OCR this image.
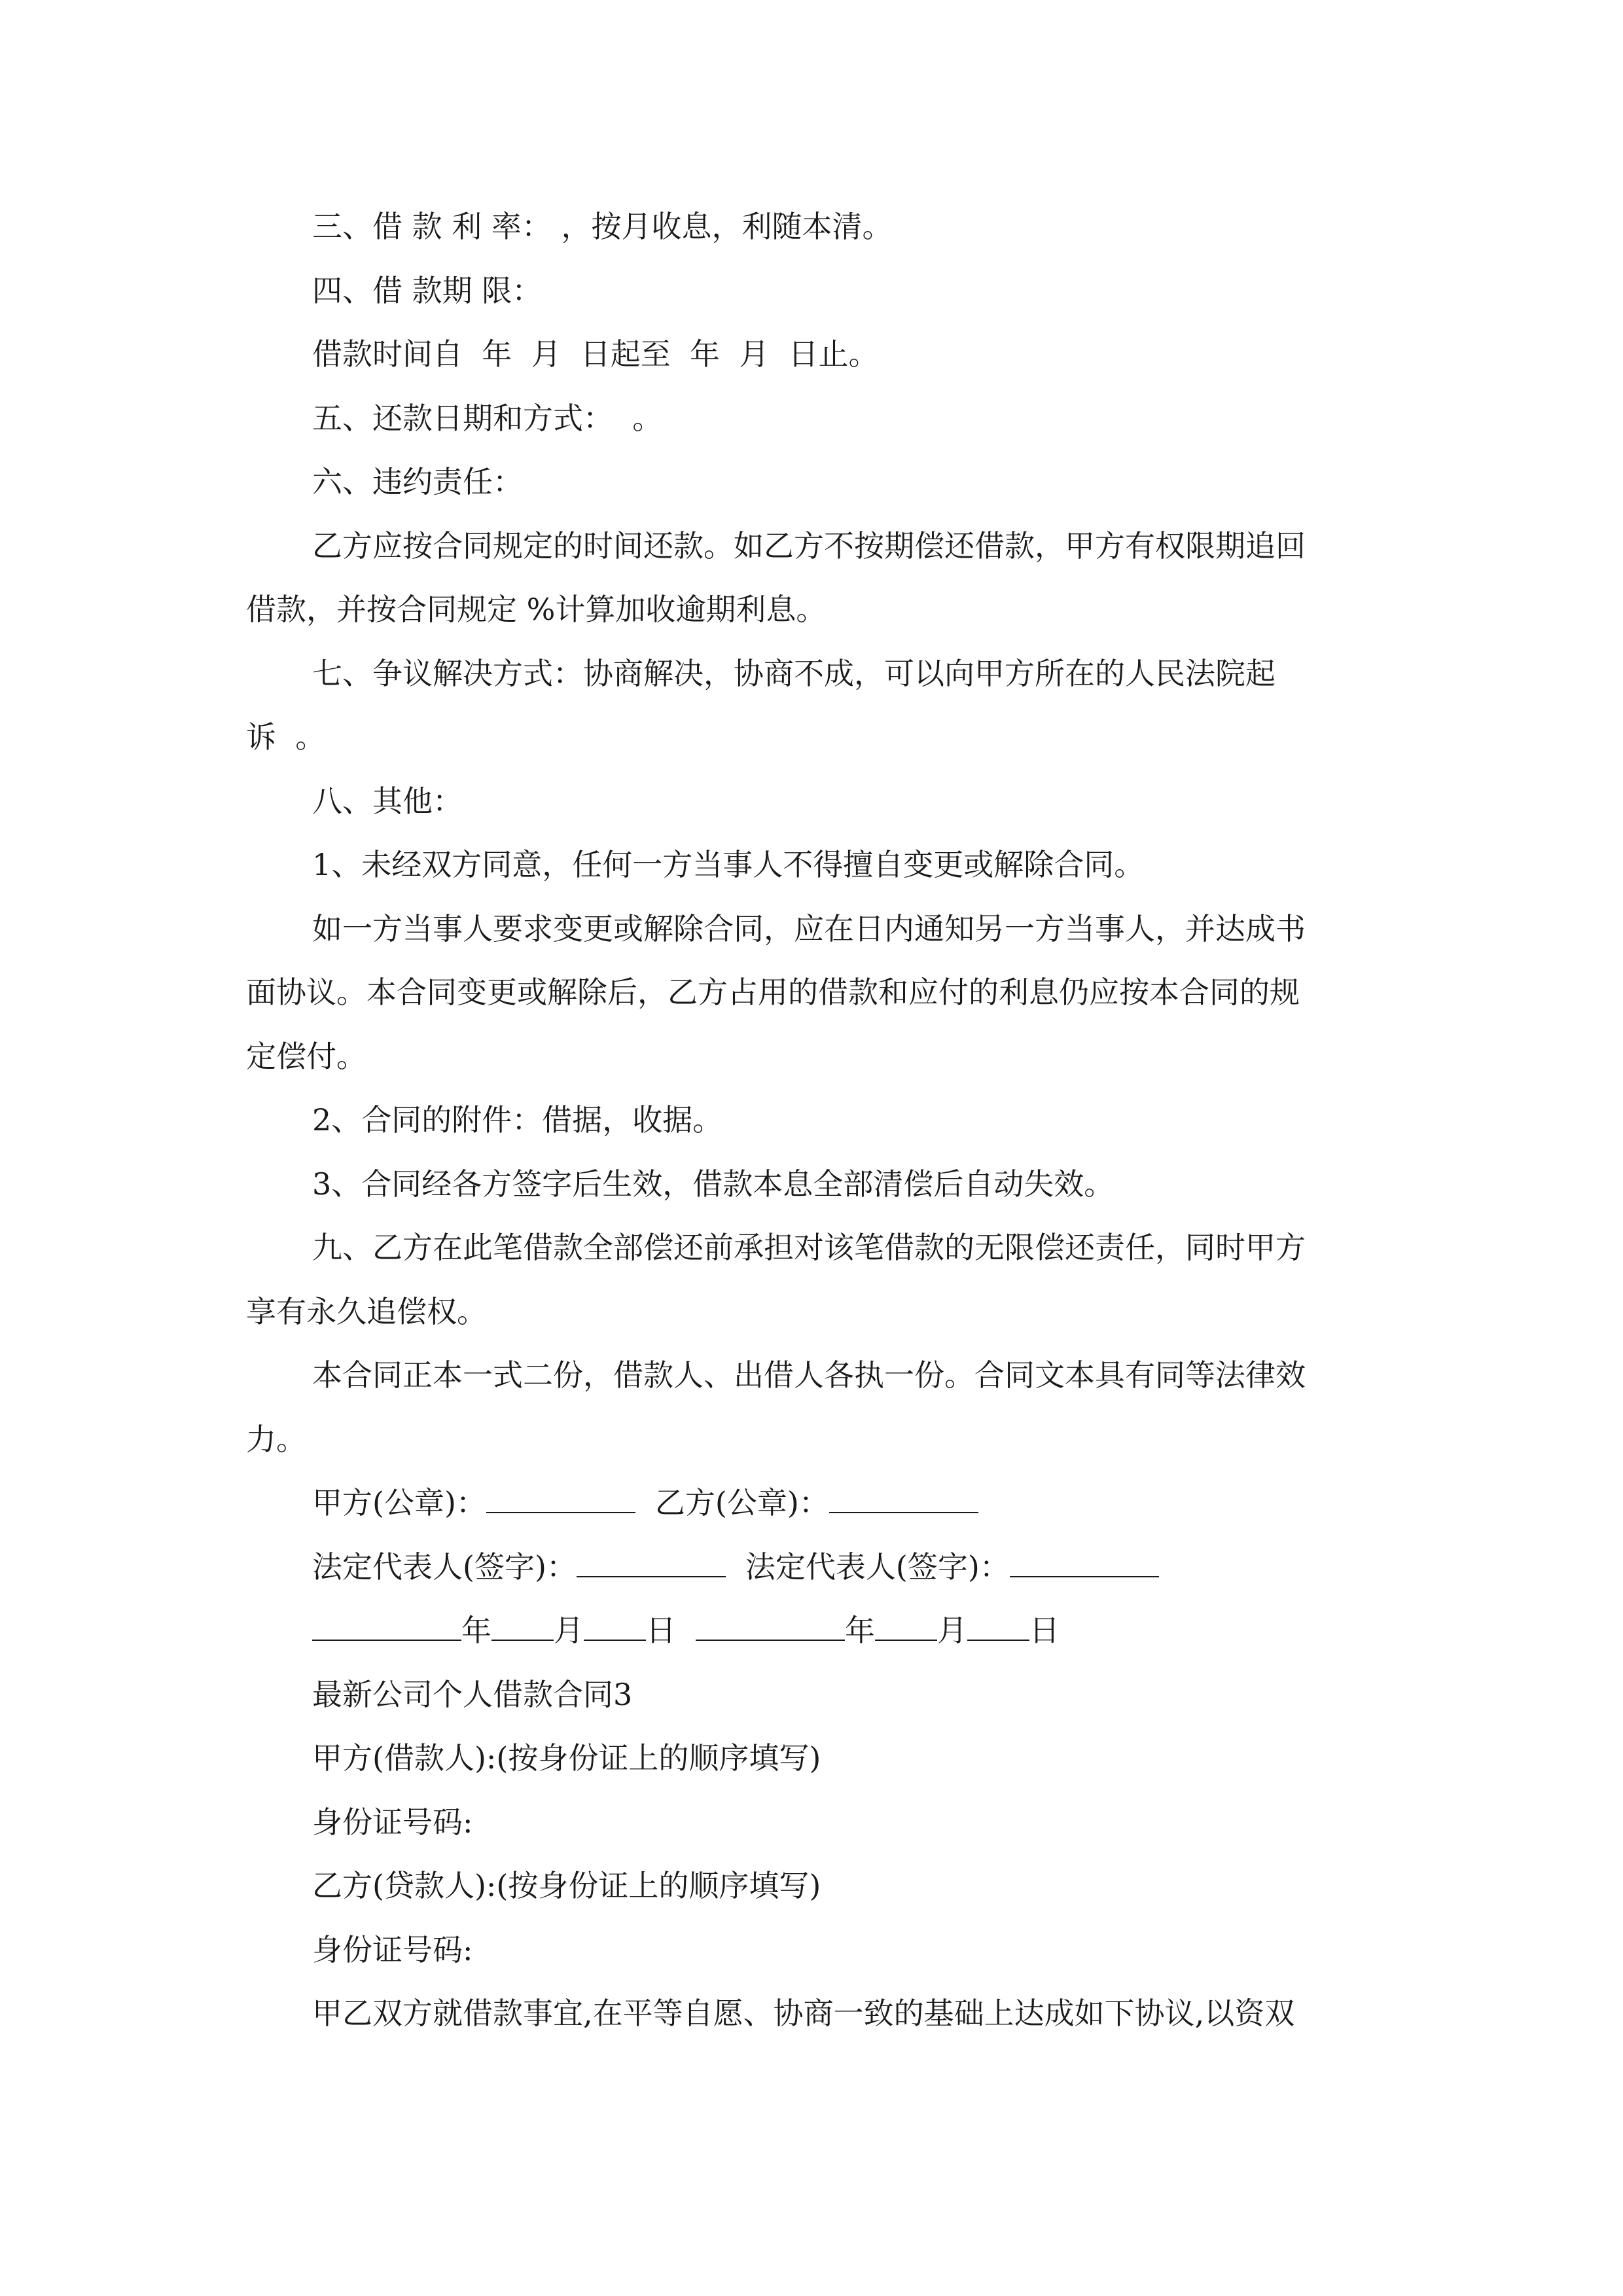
三、借 款 利 率： ，按月收息，利随本清。

四、借 款期 限：

借款时间自  年  月  日起至  年  月  日止。

五、还款日期和方式：  。

六、违约责任：

乙方应按合同规定的时间还款。如乙方不按期偿还借款，甲方有权限期追回

借款，并按合同规定 %计算加收逾期利息。

七、争议解决方式：协商解决，协商不成，可以向甲方所在的人民法院起

诉  。

八、其他：

1、未经双方同意，任何一方当事人不得擅自变更或解除合同。

如一方当事人要求变更或解除合同，应在日内通知另一方当事人，并达成书

面协议。本合同变更或解除后，乙方占用的借款和应付的利息仍应按本合同的规

定偿付。

2、合同的附件：借据，收据。

3、合同经各方签字后生效，借款本息全部清偿后自动失效。

九、乙方在此笔借款全部偿还前承担对该笔借款的无限偿还责任，同时甲方

享有永久追偿权。

本合同正本一式二份，借款人、出借人各执一份。合同文本具有同等法律效

力。

甲方(公章)：	乙方(公章)：

法定代表人(签字)：	法定代表人(签字)：

年 月 日	年 月 日

最新公司个人借款合同3

甲方(借款人):(按身份证上的顺序填写)

身份证号码:

乙方(贷款人):(按身份证上的顺序填写)

身份证号码:

甲乙双方就借款事宜,在平等自愿、协商一致的基础上达成如下协议,以资双
